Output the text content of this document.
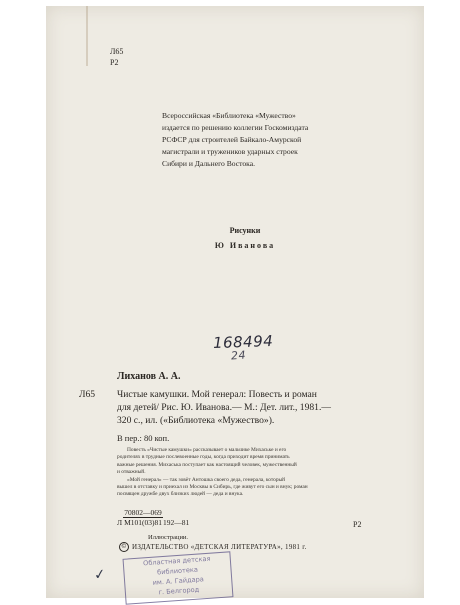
Л65
Р2
Всероссийская «Библиотека «Мужество»
издается по решению коллегии Госкомиздата
РСФСР для строителей Байкало-Амурской
магистрали и тружеников ударных строек
Сибири и Дальнего Востока.
Рисунки
Ю Иванова
168494
24
Лиханов А. А.
Л65 Чистые камушки. Мой генерал: Повесть и роман
для детей/ Рис. Ю. Иванова.— М.: Дет. лит., 1981.—
320 с., ил. («Библиотека «Мужество»).
В пер.: 80 коп.
Повесть «Чистые камушки» рассказывает о мальчике Михаське и его
родителях в трудные послевоенные годы, когда приходит время принимать
важные решения. Михаська поступает как настоящий человек, мужественный
и отважный.
«Мой генерал» — так зовёт Антошка своего деда, генерала, который
вышел в отставку и приехал из Москвы в Сибирь, где живут его сын и внук; роман
посвящен дружбе двух близких людей — деда и внука.
Л $\frac{70802—069}{М101(03)81}$ 192—81	Р2
Иллюстрации.
© ИЗДАТЕЛЬСТВО «ДЕТСКАЯ ЛИТЕРАТУРА», 1981 г.
✓
Областная детская
библиотека
им. А. Гайдара
г. Белгород
